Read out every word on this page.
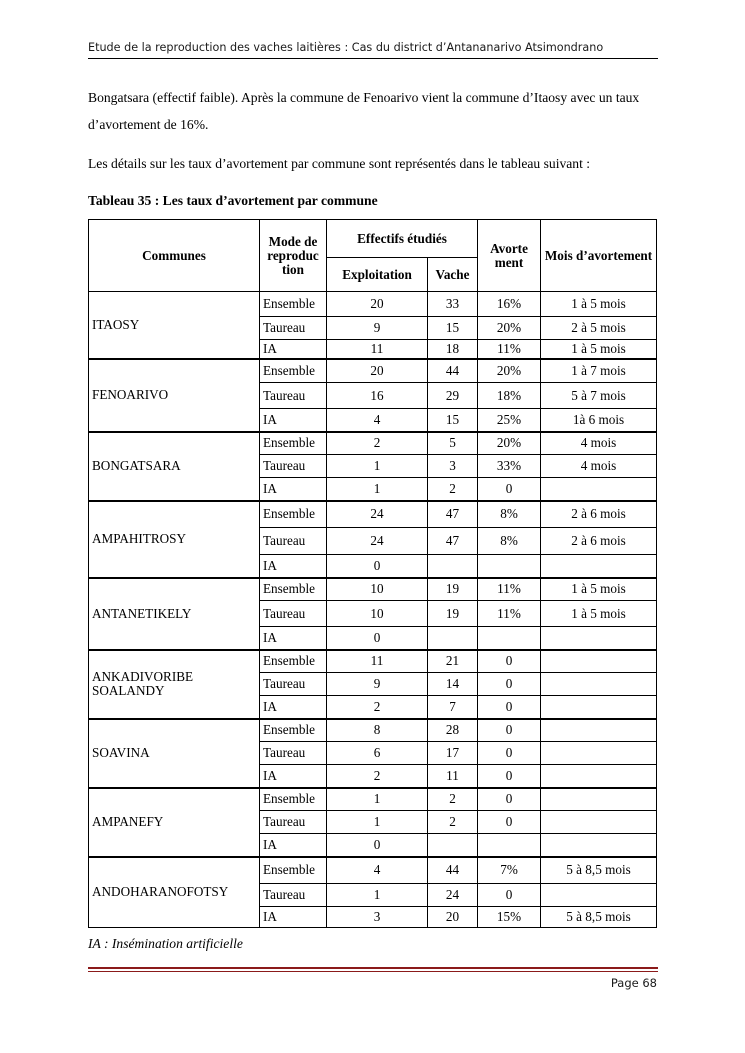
Etude de la reproduction des vaches laitières : Cas du district d’Antananarivo Atsimondrano
Bongatsara (effectif faible). Après la commune de Fenoarivo vient la commune d’Itaosy avec un taux d’avortement de 16%.
Les détails sur les taux d’avortement par commune sont représentés dans le tableau suivant :
Tableau 35 : Les taux d’avortement par commune
Communes	Mode de reproduc tion	Effectifs étudiés		Avorte ment	Mois d’avortement
		Exploitation	Vache		
ITAOSY	Ensemble	20	33	16%	1 à 5 mois
	Taureau	9	15	20%	2 à 5 mois
	IA	11	18	11%	1 à 5 mois
FENOARIVO	Ensemble	20	44	20%	1 à 7 mois
	Taureau	16	29	18%	5 à 7 mois
	IA	4	15	25%	1à 6 mois
BONGATSARA	Ensemble	2	5	20%	4 mois
	Taureau	1	3	33%	4 mois
	IA	1	2	0	
AMPAHITROSY	Ensemble	24	47	8%	2 à 6 mois
	Taureau	24	47	8%	2 à 6 mois
	IA	0			
ANTANETIKELY	Ensemble	10	19	11%	1 à 5 mois
	Taureau	10	19	11%	1 à 5 mois
	IA	0			
ANKADIVORIBE SOALANDY	Ensemble	11	21	0	
	Taureau	9	14	0	
	IA	2	7	0	
SOAVINA	Ensemble	8	28	0	
	Taureau	6	17	0	
	IA	2	11	0	
AMPANEFY	Ensemble	1	2	0	
	Taureau	1	2	0	
	IA	0			
ANDOHARANOFOTSY	Ensemble	4	44	7%	5 à 8,5 mois
	Taureau	1	24	0	
	IA	3	20	15%	5 à 8,5 mois
IA : Insémination artificielle
Page 68
